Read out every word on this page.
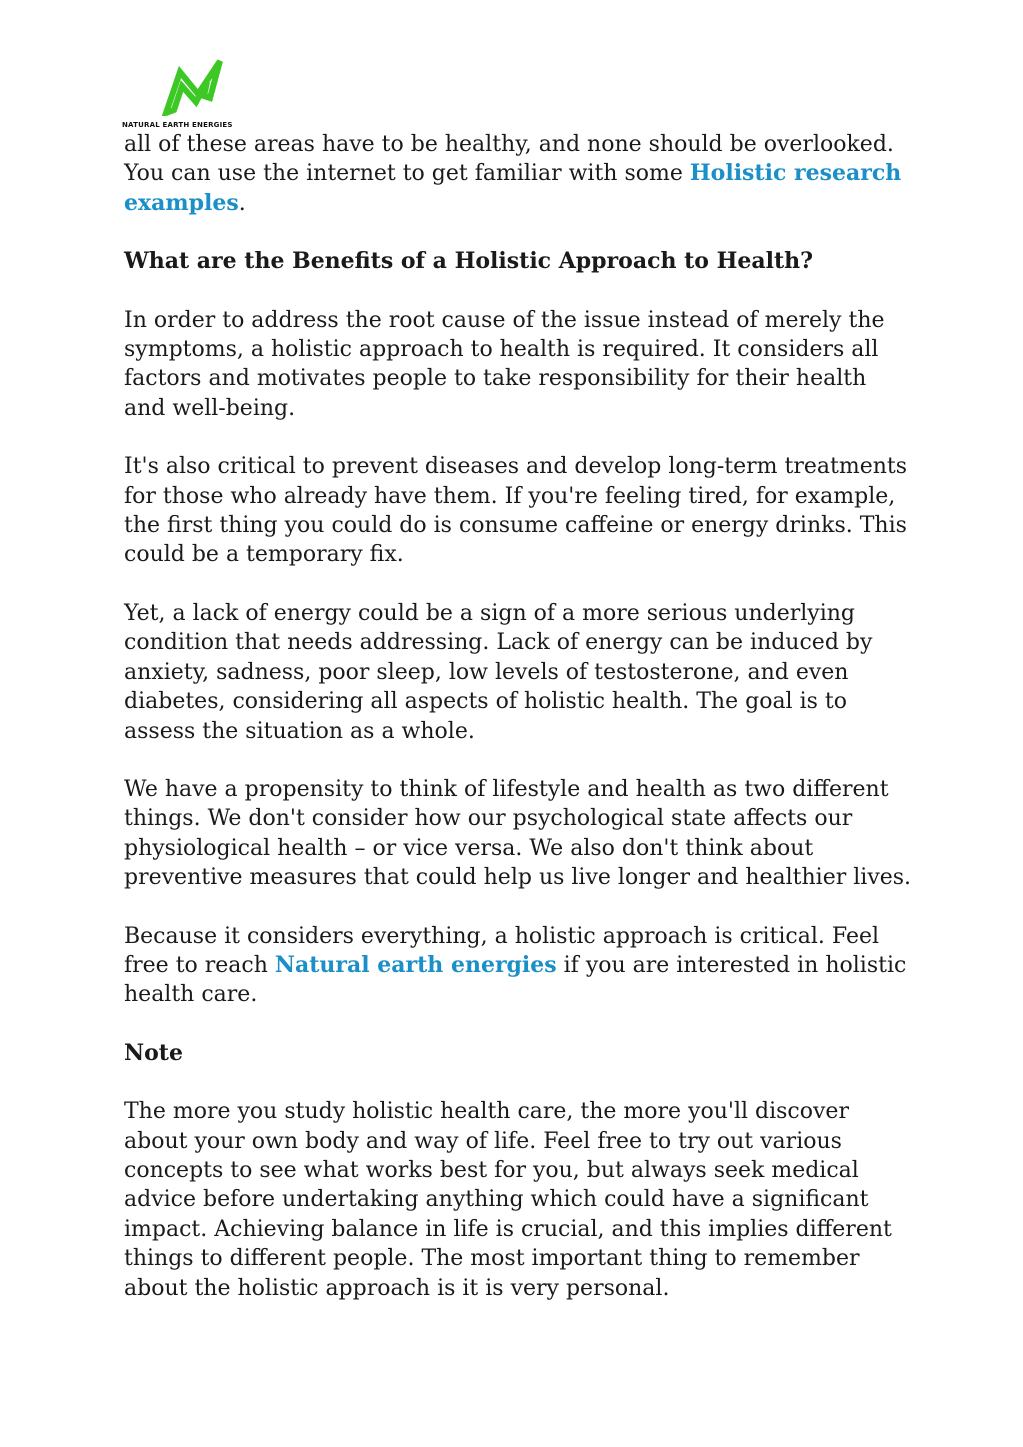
NATURAL EARTH ENERGIES

all of these areas have to be healthy, and none should be overlooked. You can use the internet to get familiar with some Holistic research examples.

What are the Benefits of a Holistic Approach to Health?

In order to address the root cause of the issue instead of merely the symptoms, a holistic approach to health is required. It considers all factors and motivates people to take responsibility for their health and well-being.

It's also critical to prevent diseases and develop long-term treatments for those who already have them. If you're feeling tired, for example, the first thing you could do is consume caffeine or energy drinks. This could be a temporary fix.

Yet, a lack of energy could be a sign of a more serious underlying condition that needs addressing. Lack of energy can be induced by anxiety, sadness, poor sleep, low levels of testosterone, and even diabetes, considering all aspects of holistic health. The goal is to assess the situation as a whole.

We have a propensity to think of lifestyle and health as two different things. We don't consider how our psychological state affects our physiological health – or vice versa. We also don't think about preventive measures that could help us live longer and healthier lives.

Because it considers everything, a holistic approach is critical. Feel free to reach Natural earth energies if you are interested in holistic health care.

Note

The more you study holistic health care, the more you'll discover about your own body and way of life. Feel free to try out various concepts to see what works best for you, but always seek medical advice before undertaking anything which could have a significant impact. Achieving balance in life is crucial, and this implies different things to different people. The most important thing to remember about the holistic approach is it is very personal.
